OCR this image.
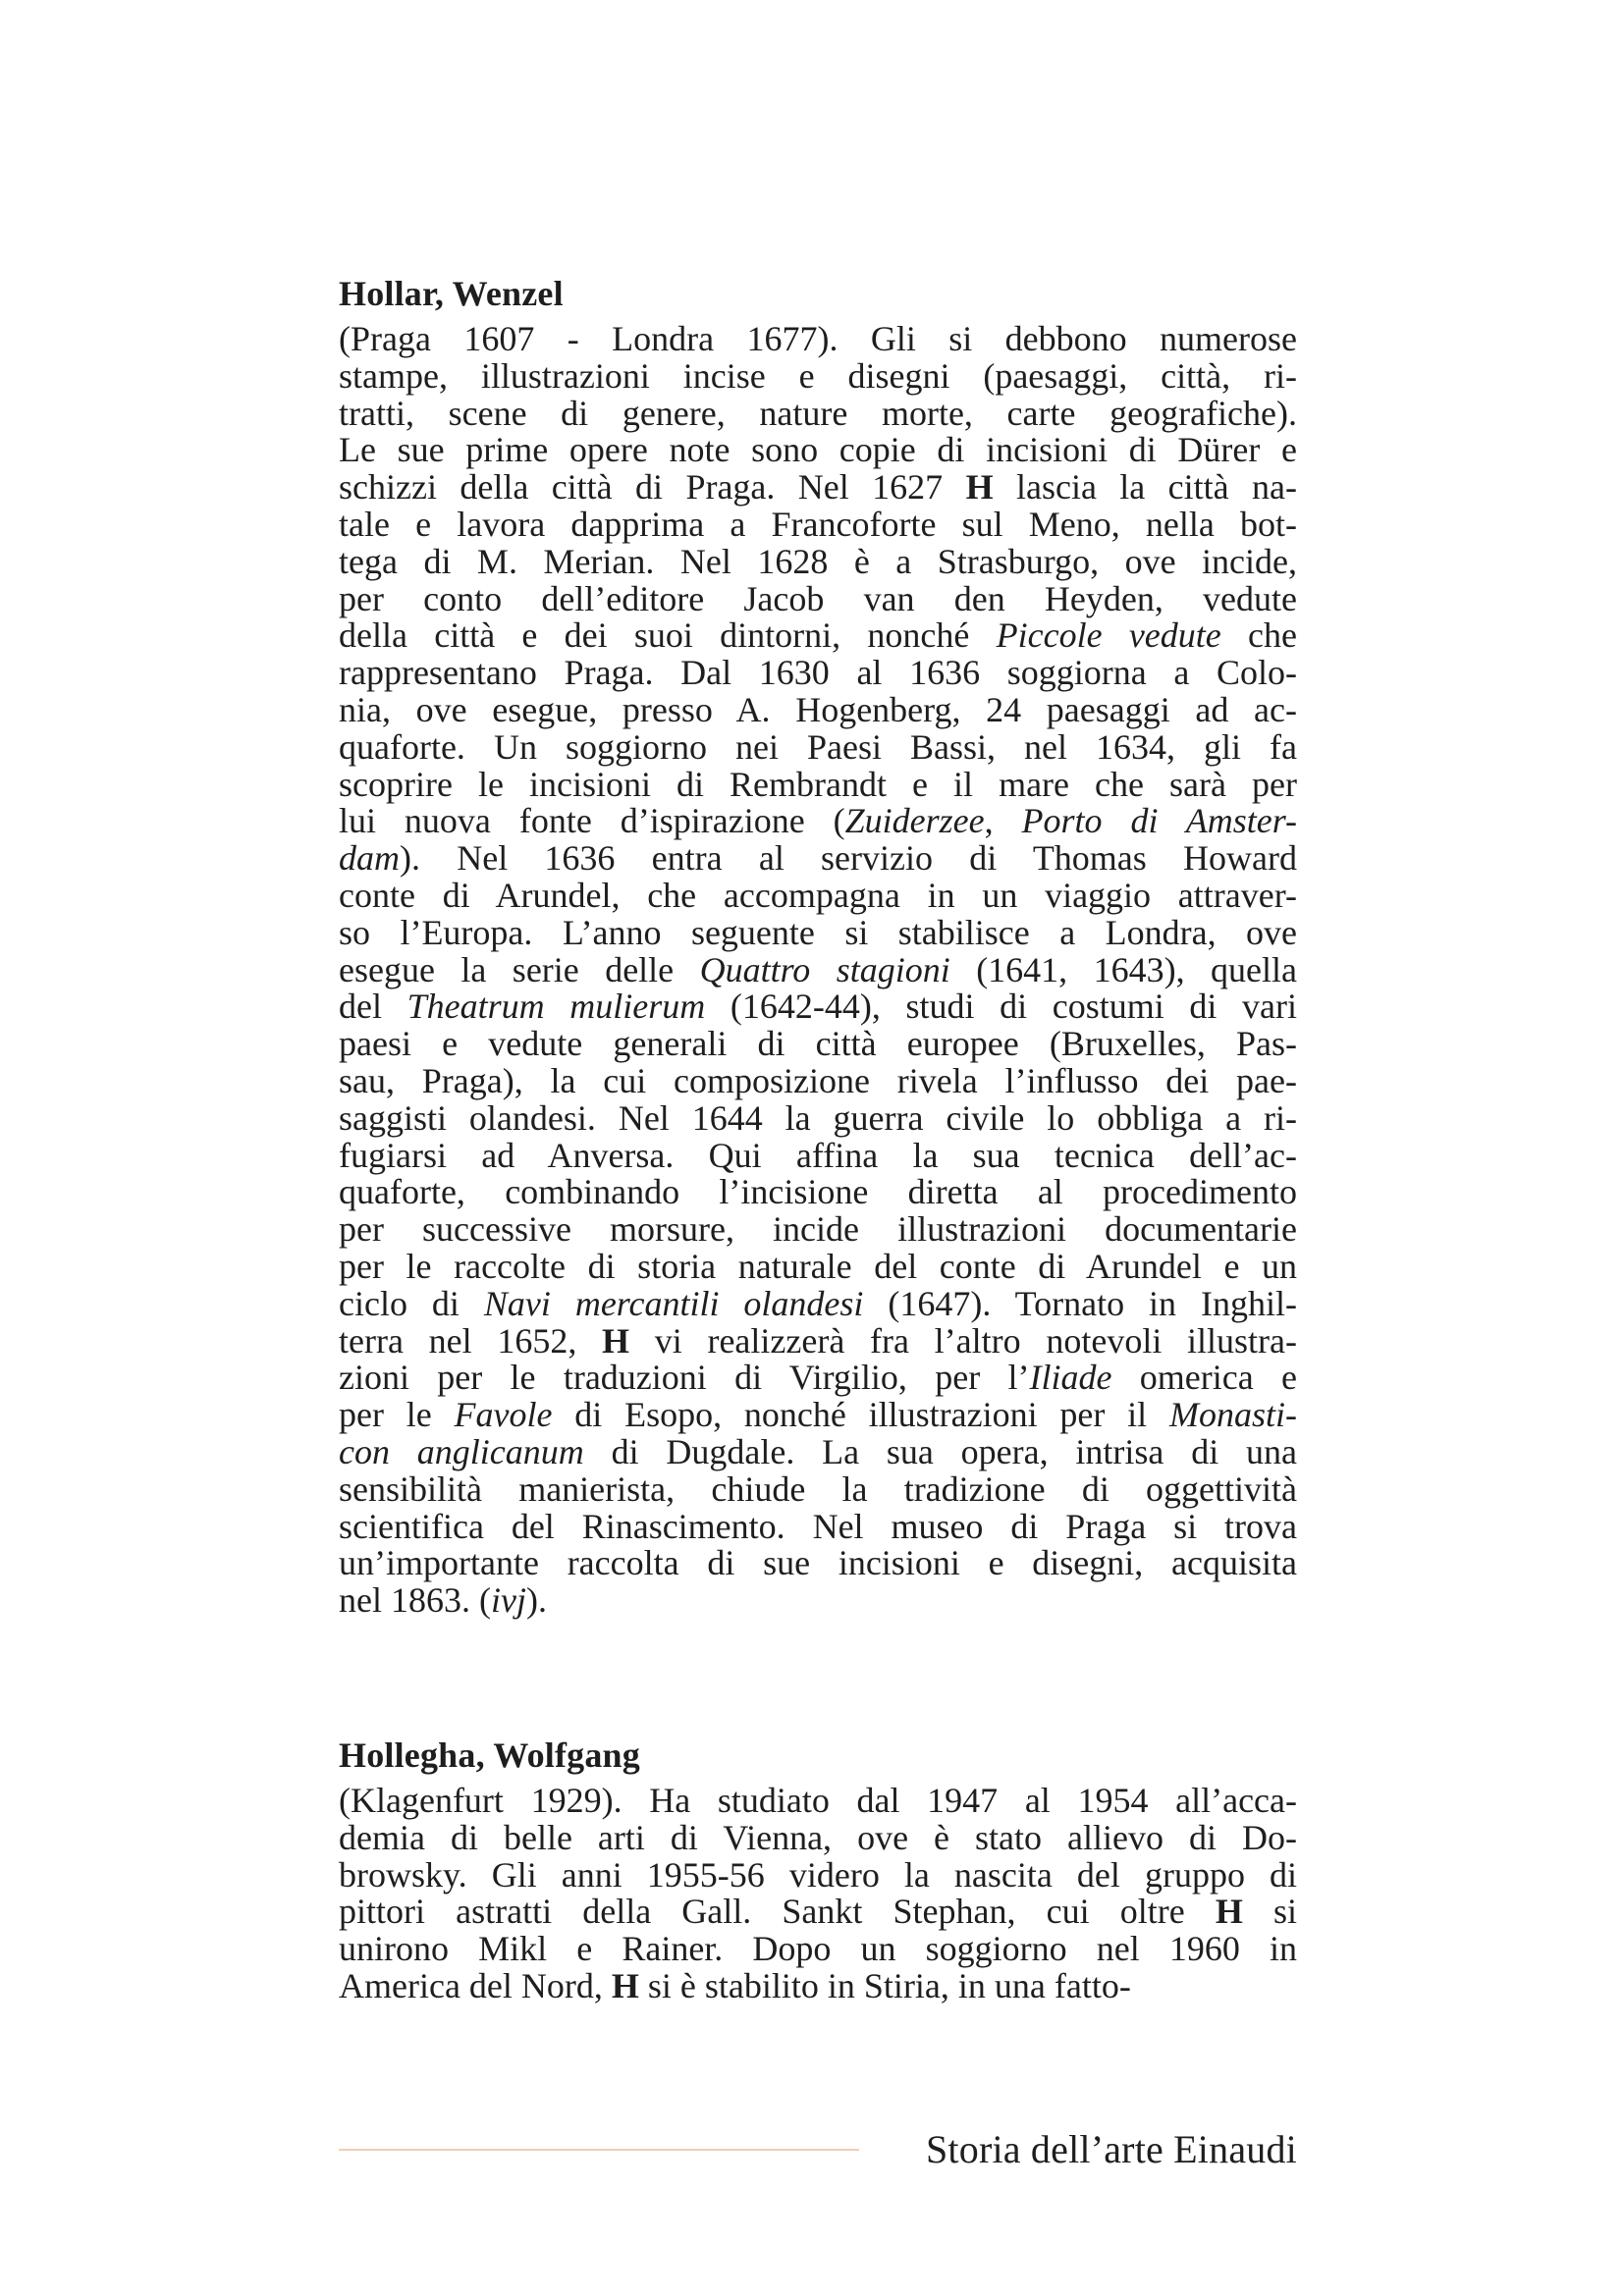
Hollar, Wenzel
(Praga 1607 - Londra 1677). Gli si debbono numerose
stampe, illustrazioni incise e disegni (paesaggi, città, ri-
tratti, scene di genere, nature morte, carte geografiche).
Le sue prime opere note sono copie di incisioni di Dürer e
schizzi della città di Praga. Nel 1627 H lascia la città na-
tale e lavora dapprima a Francoforte sul Meno, nella bot-
tega di M. Merian. Nel 1628 è a Strasburgo, ove incide,
per conto dell’editore Jacob van den Heyden, vedute
della città e dei suoi dintorni, nonché Piccole vedute che
rappresentano Praga. Dal 1630 al 1636 soggiorna a Colo-
nia, ove esegue, presso A. Hogenberg, 24 paesaggi ad ac-
quaforte. Un soggiorno nei Paesi Bassi, nel 1634, gli fa
scoprire le incisioni di Rembrandt e il mare che sarà per
lui nuova fonte d’ispirazione (Zuiderzee, Porto di Amster-
dam). Nel 1636 entra al servizio di Thomas Howard
conte di Arundel, che accompagna in un viaggio attraver-
so l’Europa. L’anno seguente si stabilisce a Londra, ove
esegue la serie delle Quattro stagioni (1641, 1643), quella
del Theatrum mulierum (1642-44), studi di costumi di vari
paesi e vedute generali di città europee (Bruxelles, Pas-
sau, Praga), la cui composizione rivela l’influsso dei pae-
saggisti olandesi. Nel 1644 la guerra civile lo obbliga a ri-
fugiarsi ad Anversa. Qui affina la sua tecnica dell’ac-
quaforte, combinando l’incisione diretta al procedimento
per successive morsure, incide illustrazioni documentarie
per le raccolte di storia naturale del conte di Arundel e un
ciclo di Navi mercantili olandesi (1647). Tornato in Inghil-
terra nel 1652, H vi realizzerà fra l’altro notevoli illustra-
zioni per le traduzioni di Virgilio, per l’Iliade omerica e
per le Favole di Esopo, nonché illustrazioni per il Monasti-
con anglicanum di Dugdale. La sua opera, intrisa di una
sensibilità manierista, chiude la tradizione di oggettività
scientifica del Rinascimento. Nel museo di Praga si trova
un’importante raccolta di sue incisioni e disegni, acquisita
nel 1863. (ivj).
Hollegha, Wolfgang
(Klagenfurt 1929). Ha studiato dal 1947 al 1954 all’acca-
demia di belle arti di Vienna, ove è stato allievo di Do-
browsky. Gli anni 1955-56 videro la nascita del gruppo di
pittori astratti della Gall. Sankt Stephan, cui oltre H si
unirono Mikl e Rainer. Dopo un soggiorno nel 1960 in
America del Nord, H si è stabilito in Stiria, in una fatto-
Storia dell’arte Einaudi
